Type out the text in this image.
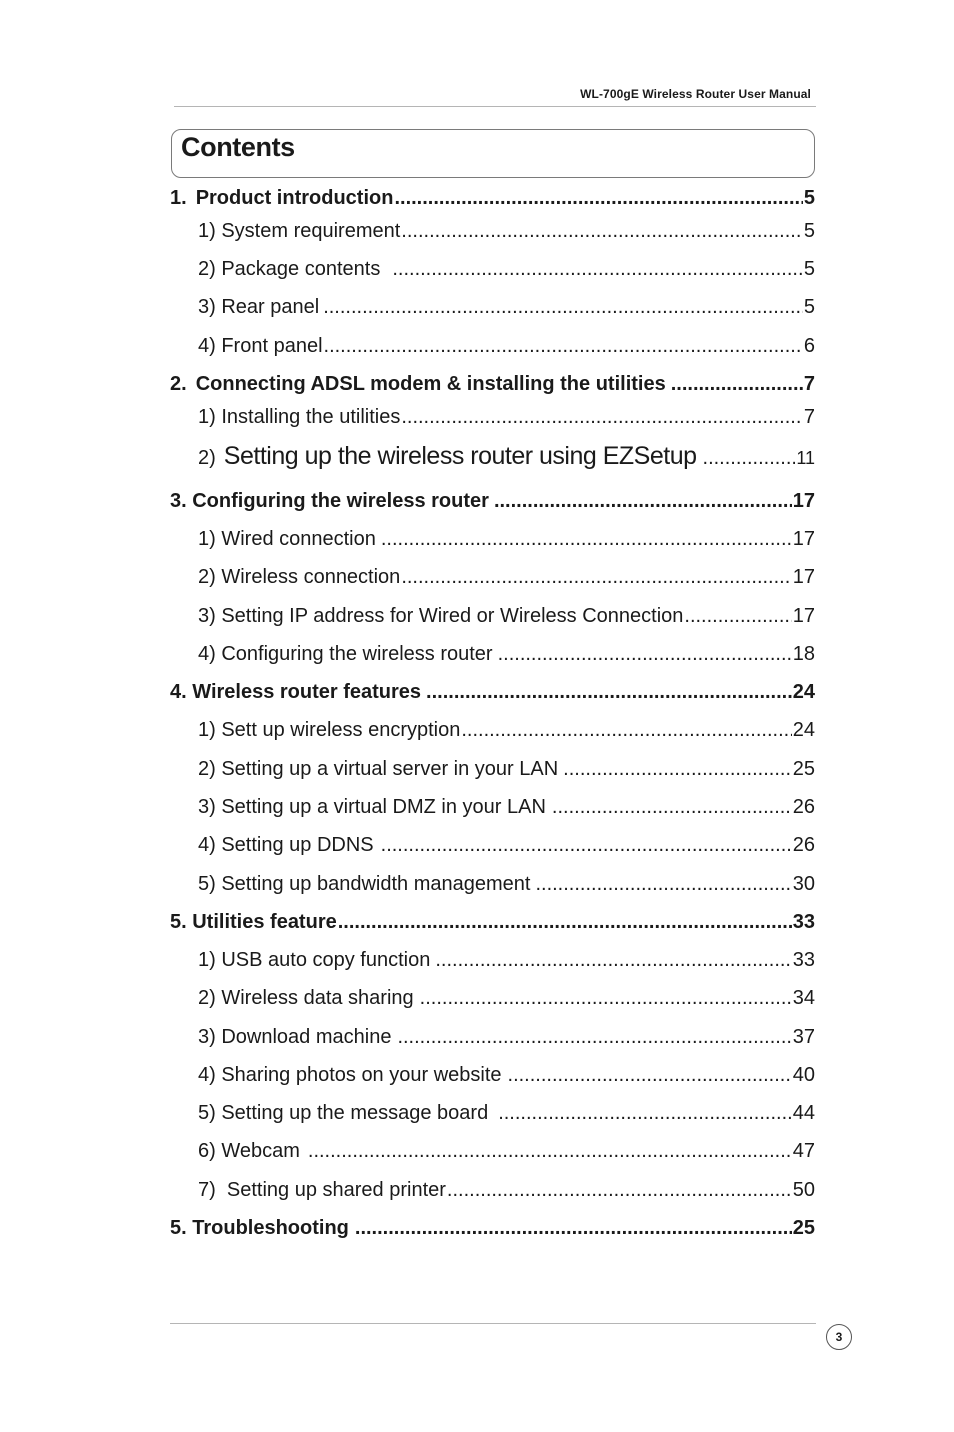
WL-700gE Wireless Router User Manual
Contents
1. Product introduction .....	5
1) System requirement .....	5
2) Package contents .....	5
3) Rear panel .....	5
4) Front panel .....	6
2. Connecting ADSL modem & installing the utilities .....	7
1) Installing the utilities .....	7
2) Setting up the wireless router using EZSetup .....	11
3. Configuring the wireless router .....	17
1) Wired connection .....	17
2) Wireless connection .....	17
3) Setting IP address for Wired or Wireless Connection .....	17
4) Configuring the wireless router .....	18
4. Wireless router features .....	24
1) Sett up wireless encryption .....	24
2) Setting up a virtual server in your LAN .....	25
3) Setting up a virtual DMZ in your LAN .....	26
4) Setting up DDNS .....	26
5) Setting up bandwidth management .....	30
5. Utilities feature .....	33
1) USB auto copy function .....	33
2) Wireless data sharing .....	34
3) Download machine .....	37
4) Sharing photos on your website .....	40
5) Setting up the message board .....	44
6) Webcam .....	47
7)  Setting up shared printer .....	50
5. Troubleshooting .....	25
3
